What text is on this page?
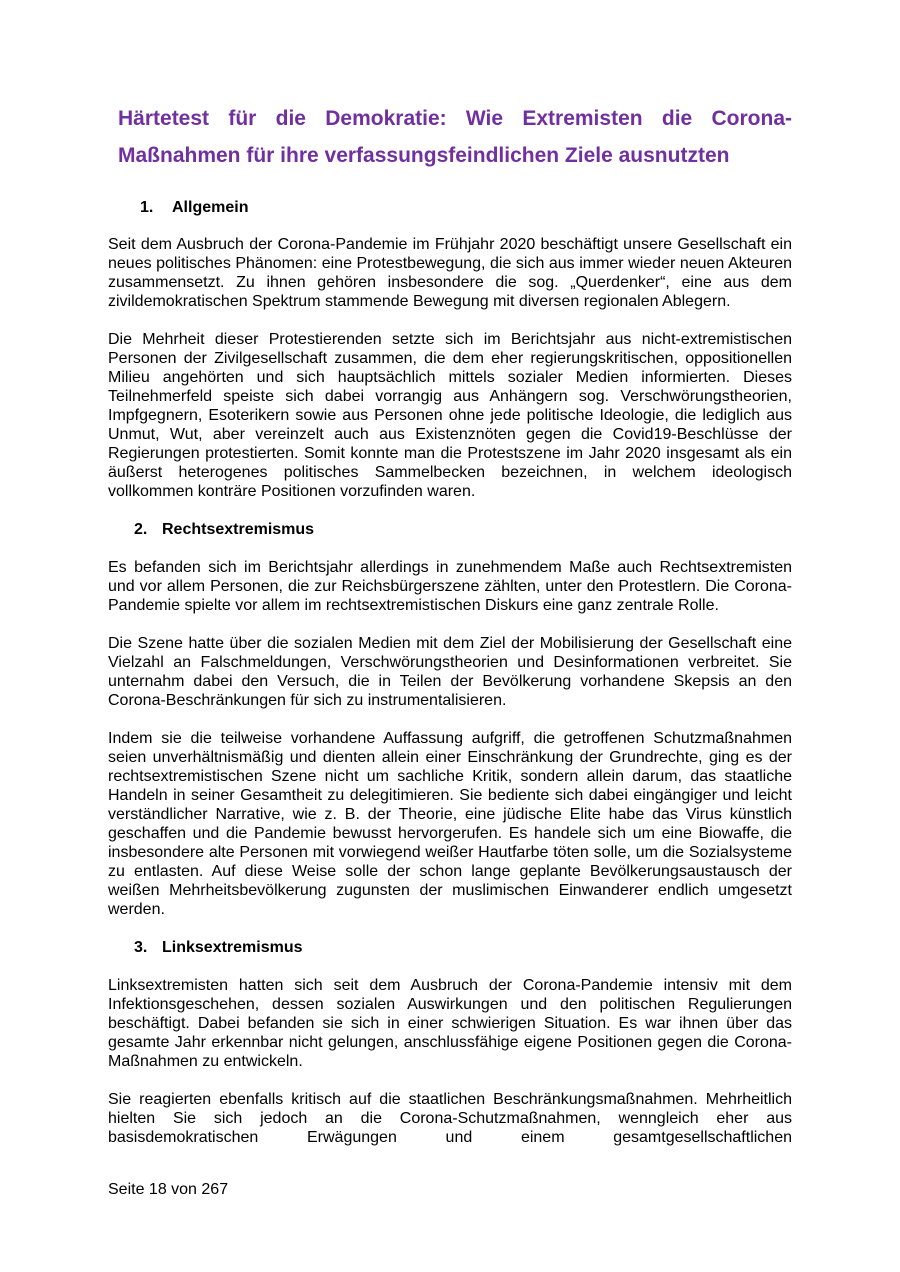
Härtetest für die Demokratie: Wie Extremisten die Corona-Maßnahmen für ihre verfassungsfeindlichen Ziele ausnutzten
1. Allgemein

Seit dem Ausbruch der Corona-Pandemie im Frühjahr 2020 beschäftigt unsere Gesellschaft ein neues politisches Phänomen: eine Protestbewegung, die sich aus immer wieder neuen Akteuren zusammensetzt. Zu ihnen gehören insbesondere die sog. „Querdenker“, eine aus dem zivildemokratischen Spektrum stammende Bewegung mit diversen regionalen Ablegern.

Die Mehrheit dieser Protestierenden setzte sich im Berichtsjahr aus nicht-extremistischen Personen der Zivilgesellschaft zusammen, die dem eher regierungskritischen, oppositionellen Milieu angehörten und sich hauptsächlich mittels sozialer Medien informierten. Dieses Teilnehmerfeld speiste sich dabei vorrangig aus Anhängern sog. Verschwörungstheorien, Impfgegnern, Esoterikern sowie aus Personen ohne jede politische Ideologie, die lediglich aus Unmut, Wut, aber vereinzelt auch aus Existenznöten gegen die Covid19-Beschlüsse der Regierungen protestierten. Somit konnte man die Protestszene im Jahr 2020 insgesamt als ein äußerst heterogenes politisches Sammelbecken bezeichnen, in welchem ideologisch vollkommen konträre Positionen vorzufinden waren.

2. Rechtsextremismus

Es befanden sich im Berichtsjahr allerdings in zunehmendem Maße auch Rechtsextremisten und vor allem Personen, die zur Reichsbürgerszene zählten, unter den Protestlern. Die Corona-Pandemie spielte vor allem im rechtsextremistischen Diskurs eine ganz zentrale Rolle.

Die Szene hatte über die sozialen Medien mit dem Ziel der Mobilisierung der Gesellschaft eine Vielzahl an Falschmeldungen, Verschwörungstheorien und Desinformationen verbreitet. Sie unternahm dabei den Versuch, die in Teilen der Bevölkerung vorhandene Skepsis an den Corona-Beschränkungen für sich zu instrumentalisieren.

Indem sie die teilweise vorhandene Auffassung aufgriff, die getroffenen Schutzmaßnahmen seien unverhältnismäßig und dienten allein einer Einschränkung der Grundrechte, ging es der rechtsextremistischen Szene nicht um sachliche Kritik, sondern allein darum, das staatliche Handeln in seiner Gesamtheit zu delegitimieren. Sie bediente sich dabei eingängiger und leicht verständlicher Narrative, wie z. B. der Theorie, eine jüdische Elite habe das Virus künstlich geschaffen und die Pandemie bewusst hervorgerufen. Es handele sich um eine Biowaffe, die insbesondere alte Personen mit vorwiegend weißer Hautfarbe töten solle, um die Sozialsysteme zu entlasten. Auf diese Weise solle der schon lange geplante Bevölkerungsaustausch der weißen Mehrheitsbevölkerung zugunsten der muslimischen Einwanderer endlich umgesetzt werden.

3. Linksextremismus

Linksextremisten hatten sich seit dem Ausbruch der Corona-Pandemie intensiv mit dem Infektionsgeschehen, dessen sozialen Auswirkungen und den politischen Regulierungen beschäftigt. Dabei befanden sie sich in einer schwierigen Situation. Es war ihnen über das gesamte Jahr erkennbar nicht gelungen, anschlussfähige eigene Positionen gegen die Corona-Maßnahmen zu entwickeln.

Sie reagierten ebenfalls kritisch auf die staatlichen Beschränkungsmaßnahmen. Mehrheitlich hielten Sie sich jedoch an die Corona-Schutzmaßnahmen, wenngleich eher aus basisdemokratischen Erwägungen und einem gesamtgesellschaftlichen

Seite 18 von 267
